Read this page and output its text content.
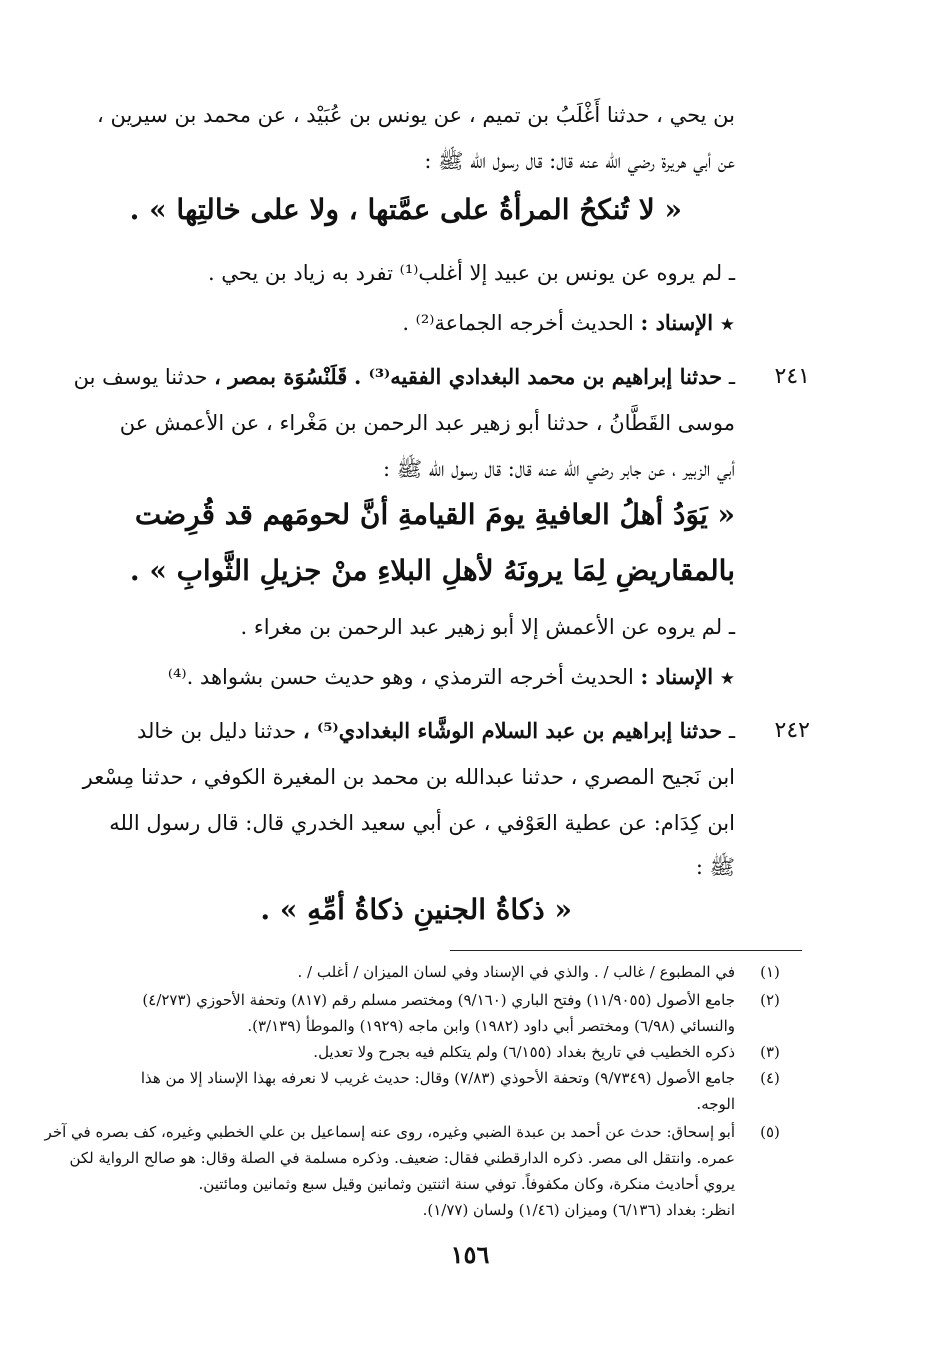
بن يحي ، حدثنا أَغْلَبُ بن تميم ، عن يونس بن عُبَيْد ، عن محمد بن سيرين ،
عن أبي هريرة رضي الله عنه قال: قال رسول الله ﷺ :
« لا تُنكحُ المرأةُ على عمَّتها ، ولا على خالتِها » .
ـ لم يروه عن يونس بن عبيد إلا أغلب⁽¹⁾ تفرد به زياد بن يحي .
★ الإسناد : الحديث أخرجه الجماعة⁽²⁾ .
٢٤١
ـ حدثنا إبراهيم بن محمد البغدادي الفقيه⁽³⁾ . قَلَنْسُوَة بمصر ، حدثنا يوسف بن
موسى القَطَّانُ ، حدثنا أبو زهير عبد الرحمن بن مَغْراء ، عن الأعمش عن
أبي الزبير ، عن جابر رضي الله عنه قال: قال رسول الله ﷺ :
« يَوَدُ أهلُ العافيةِ يومَ القيامةِ أنَّ لحومَهم قد قُرِضت
بالمقاريضِ لِمَا يرونَهُ لأهلِ البلاءِ منْ جزيلِ الثَّوابِ » .
ـ لم يروه عن الأعمش إلا أبو زهير عبد الرحمن بن مغراء .
★ الإسناد : الحديث أخرجه الترمذي ، وهو حديث حسن بشواهد .⁽⁴⁾
٢٤٢
ـ حدثنا إبراهيم بن عبد السلام الوشَّاء البغدادي⁽⁵⁾ ، حدثنا دليل بن خالد
ابن نَجيح المصري ، حدثنا عبدالله بن محمد بن المغيرة الكوفي ، حدثنا مِسْعر
ابن كِدَام: عن عطية العَوْفي ، عن أبي سعيد الخدري قال: قال رسول الله
ﷺ :
« ذكاةُ الجنينِ ذكاةُ أمِّهِ » .
(١)
في المطبوع / غالب / . والذي في الإسناد وفي لسان الميزان / أغلب / .
(٢)
جامع الأصول (١١/٩٠٥٥) وفتح الباري (٩/١٦٠) ومختصر مسلم رقم (٨١٧) وتحفة الأحوزي (٤/٢٧٣)
والنسائي (٦/٩٨) ومختصر أبي داود (١٩٨٢) وابن ماجه (١٩٢٩) والموطأ (٣/١٣٩).
(٣)
ذكره الخطيب في تاريخ بغداد (٦/١٥٥) ولم يتكلم فيه بجرح ولا تعديل.
(٤)
جامع الأصول (٩/٧٣٤٩) وتحفة الأحوذي (٧/٨٣) وقال: حديث غريب لا نعرفه بهذا الإسناد إلا من هذا
الوجه.
(٥)
أبو إسحاق: حدث عن أحمد بن عبدة الضبي وغيره، روى عنه إسماعيل بن علي الخطبي وغيره، كف بصره في آخر
عمره. وانتقل الى مصر. ذكره الدارقطني فقال: ضعيف. وذكره مسلمة في الصلة وقال: هو صالح الرواية لكن
يروي أحاديث منكرة، وكان مكفوفاً. توفي سنة اثنتين وثمانين وقيل سبع وثمانين ومائتين.
انظر: بغداد (٦/١٣٦) وميزان (١/٤٦) ولسان (١/٧٧).
١٥٦
